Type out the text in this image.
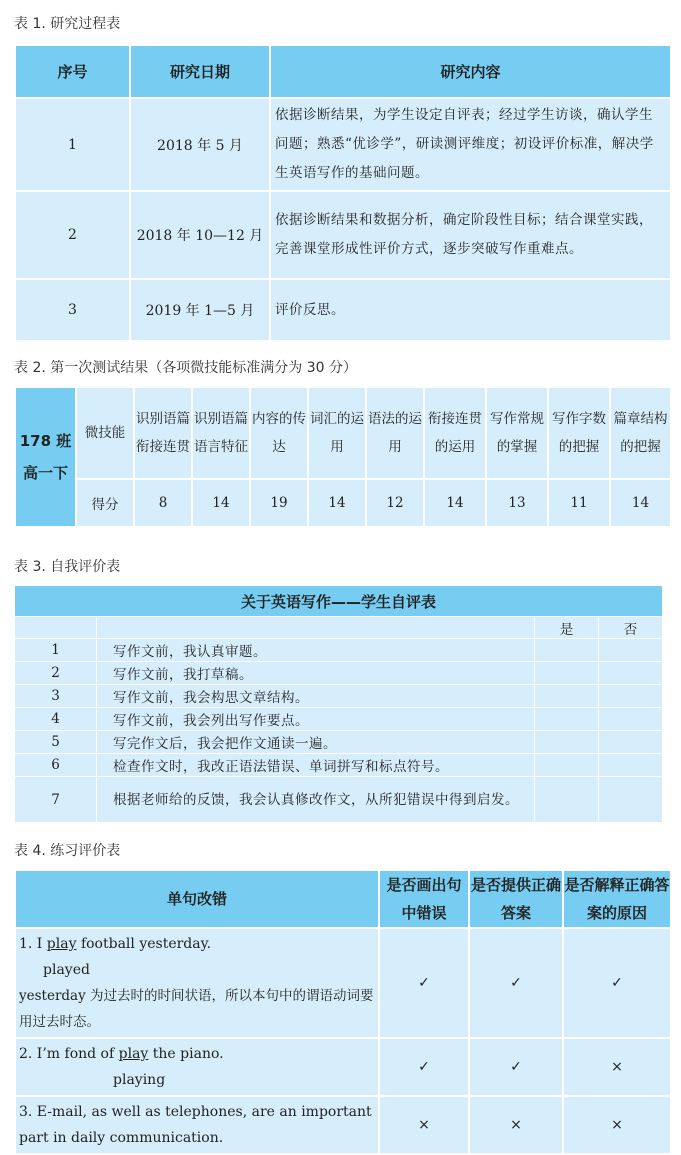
表 1. 研究过程表
序号	研究日期	研究内容
1	2018 年 5 月	依据诊断结果，为学生设定自评表；经过学生访谈，确认学生问题；熟悉“优诊学”，研读测评维度；初设评价标准，解决学生英语写作的基础问题。
2	2018 年 10—12 月	依据诊断结果和数据分析，确定阶段性目标；结合课堂实践，完善课堂形成性评价方式，逐步突破写作重难点。
3	2019 年 1—5 月	评价反思。
表 2. 第一次测试结果（各项微技能标准满分为 30 分）
178 班
高一下	微技能	识别语篇衔接连贯	识别语篇语言特征	内容的传达	词汇的运用	语法的运用	衔接连贯的运用	写作常规的掌握	写作字数的把握	篇章结构的把握
	得分	8	14	19	14	12	14	13	11	14
表 3. 自我评价表
关于英语写作——学生自评表			
		是	否
1	写作文前，我认真审题。		
2	写作文前，我打草稿。		
3	写作文前，我会构思文章结构。		
4	写作文前，我会列出写作要点。		
5	写完作文后，我会把作文通读一遍。		
6	检查作文时，我改正语法错误、单词拼写和标点符号。		
7	根据老师给的反馈，我会认真修改作文，从所犯错误中得到启发。		
表 4. 练习评价表
单句改错	是否画出句中错误	是否提供正确答案	是否解释正确答案的原因
1. I play football yesterday.
played
yesterday 为过去时的时间状语，所以本句中的谓语动词要用过去时态。	✓	✓	✓
2. I’m fond of play the piano.
playing	✓	✓	×
3. E-mail, as well as telephones, are an important part in daily communication.	×	×	×
